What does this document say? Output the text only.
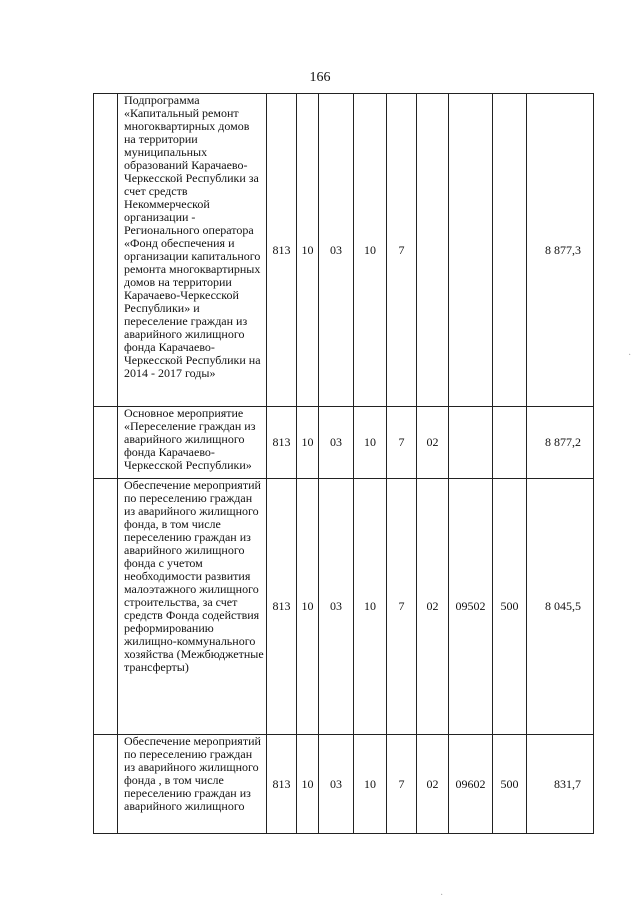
166
	Подпрограмма «Капитальный ремонт многоквартирных домов на территории муниципальных образований Карачаево-Черкесской Республики за счет средств Некоммерческой организации - Регионального оператора «Фонд обеспечения и организации капитального ремонта многоквартирных домов на территории Карачаево-Черкесской Республики» и переселение граждан из аварийного жилищного фонда Карачаево-Черкесской Республики на 2014 - 2017 годы»	813	10	03	10	7				8 877,3
	Основное мероприятие «Переселение граждан из аварийного жилищного фонда Карачаево-Черкесской Республики»	813	10	03	10	7	02			8 877,2
	Обеспечение мероприятий по переселению граждан из аварийного жилищного фонда, в том числе переселению граждан из аварийного жилищного фонда с учетом необходимости развития малоэтажного жилищного строительства, за счет средств Фонда содействия реформированию жилищно-коммунального хозяйства (Межбюджетные трансферты)	813	10	03	10	7	02	09502	500	8 045,5
	Обеспечение мероприятий по переселению граждан из аварийного жилищного фонда , в том числе переселению граждан из аварийного жилищного	813	10	03	10	7	02	09602	500	831,7
·
·
